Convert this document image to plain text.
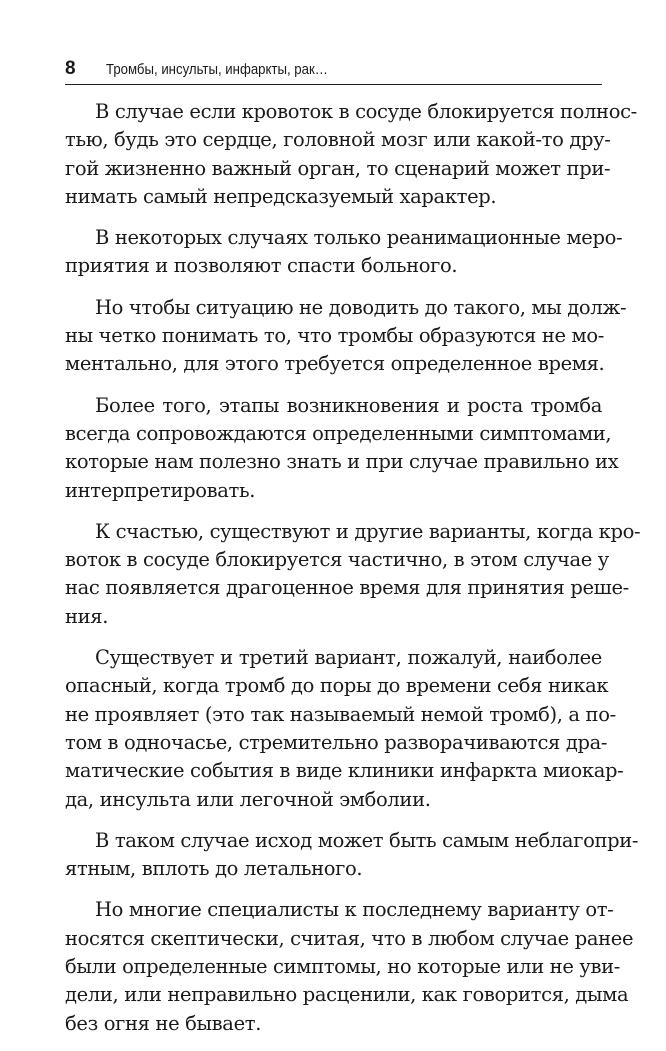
8 Тромбы, инсульты, инфаркты, рак…
В случае если кровоток в сосуде блокируется полнос-
тью, будь это сердце, головной мозг или какой-то дру-
гой жизненно важный орган, то сценарий может при-
нимать самый непредсказуемый характер.
В некоторых случаях только реанимационные меро-
приятия и позволяют спасти больного.
Но чтобы ситуацию не доводить до такого, мы долж-
ны четко понимать то, что тромбы образуются не мо-
ментально, для этого требуется определенное время.
Более того, этапы возникновения и роста тромба
всегда сопровождаются определенными симптомами,
которые нам полезно знать и при случае правильно их
интерпретировать.
К счастью, существуют и другие варианты, когда кро-
воток в сосуде блокируется частично, в этом случае у
нас появляется драгоценное время для принятия реше-
ния.
Существует и третий вариант, пожалуй, наиболее
опасный, когда тромб до поры до времени себя никак
не проявляет (это так называемый немой тромб), а по-
том в одночасье, стремительно разворачиваются дра-
матические события в виде клиники инфаркта миокар-
да, инсульта или легочной эмболии.
В таком случае исход может быть самым неблагопри-
ятным, вплоть до летального.
Но многие специалисты к последнему варианту от-
носятся скептически, считая, что в любом случае ранее
были определенные симптомы, но которые или не уви-
дели, или неправильно расценили, как говорится, дыма
без огня не бывает.
